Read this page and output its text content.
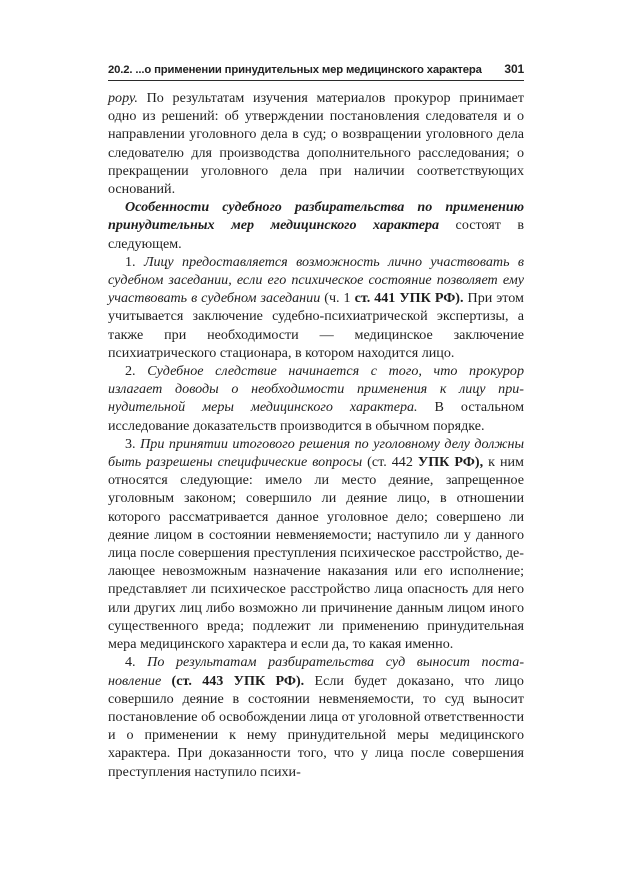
20.2. ...о применении принудительных мер медицинского характера 301

рору. По результатам изучения материалов прокурор принимает одно из решений: об утверждении постановления следователя и о направлении уголовного дела в суд; о возвращении уголовного дела следователю для производства дополнительного расследования; о прекращении уголовного дела при наличии соответствующих оснований.

Особенности судебного разбирательства по применению принудительных мер медицинского характера состоят в следующем.

1. Лицу предоставляется возможность лично участвовать в судебном заседании, если его психическое состояние позволяет ему участвовать в судебном заседании (ч. 1 ст. 441 УПК РФ). При этом учитывается заключение судебно-психиатрической экспертизы, а также при необходимости — медицинское заключение психиатрического стационара, в котором находится лицо.

2. Судебное следствие начинается с того, что прокурор излагает доводы о необходимости применения к лицу принудительной меры медицинского характера. В остальном исследование доказательств производится в обычном порядке.

3. При принятии итогового решения по уголовному делу должны быть разрешены специфические вопросы (ст. 442 УПК РФ), к ним относятся следующие: имело ли место деяние, запрещенное уголовным законом; совершило ли деяние лицо, в отношении которого рассматривается данное уголовное дело; совершено ли деяние лицом в состоянии невменяемости; наступило ли у данного лица после совершения преступления психическое расстройство, делающее невозможным назначение наказания или его исполнение; представляет ли психическое расстройство лица опасность для него или других лиц либо возможно ли причинение данным лицом иного существенного вреда; подлежит ли применению принудительная мера медицинского характера и если да, то какая именно.

4. По результатам разбирательства суд выносит постановление (ст. 443 УПК РФ). Если будет доказано, что лицо совершило деяние в состоянии невменяемости, то суд выносит постановление об освобождении лица от уголовной ответственности и о применении к нему принудительной меры медицинского характера. При доказанности того, что у лица после совершения преступления наступило психи-
